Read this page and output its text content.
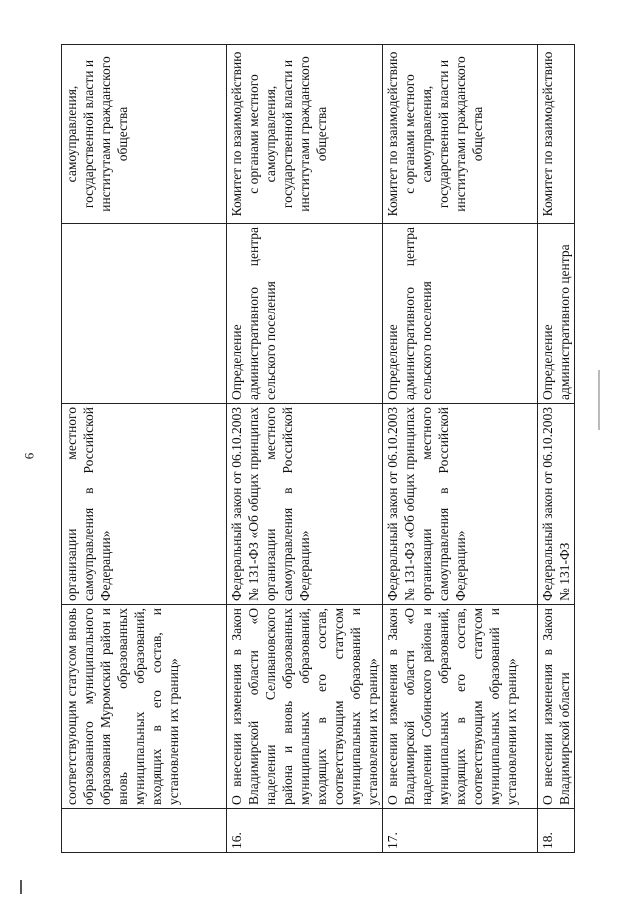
6
	соответствующим статусом вновь образованного муниципального образования Муромский район и вновь образованных муниципальных образований, входящих в его состав, и установлении их границ»	организации местного самоуправления в Российской Федерации»		самоуправления, государственной власти и институтами гражданского общества
16.	О внесении изменения в Закон Владимирской области «О наделении Селивановского района и вновь образованных муниципальных образований, входящих в его состав, соответствующим статусом муниципальных образований и установлении их границ»	Федеральный закон от 06.10.2003 № 131-ФЗ «Об общих принципах организации местного самоуправления в Российской Федерации»	Определение административного центра сельского поселения	Комитет по взаимодействию с органами местного самоуправления, государственной власти и институтами гражданского общества
17.	О внесении изменения в Закон Владимирской области «О наделении Собинского района и муниципальных образований, входящих в его состав, соответствующим статусом муниципальных образований и установлении их границ»	Федеральный закон от 06.10.2003 № 131-ФЗ «Об общих принципах организации местного самоуправления в Российской Федерации»	Определение административного центра сельского поселения	Комитет по взаимодействию с органами местного самоуправления, государственной власти и институтами гражданского общества
18.	О внесении изменения в Закон Владимирской области	Федеральный закон от 06.10.2003 № 131-ФЗ	Определение административного центра	Комитет по взаимодействию
